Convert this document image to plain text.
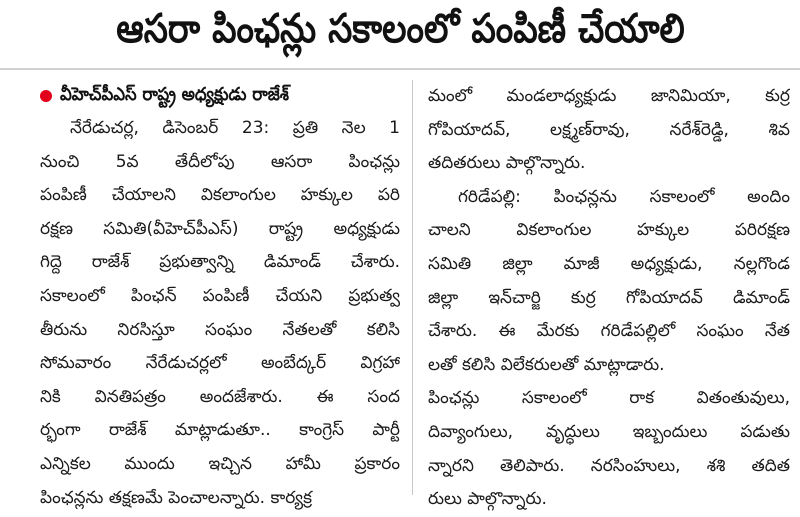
ఆసరా పింఛన్లు సకాలంలో పంపిణీ చేయాలి
వీహెచ్‌పీఎస్ రాష్ట్ర అధ్యక్షుడు రాజేశ్
నేరేడుచర్ల, డిసెంబర్ 23: ప్రతి నెల 1
నుంచి 5వ తేదీలోపు ఆసరా పింఛన్లు
పంపిణీ చేయాలని వికలాంగుల హక్కుల పరి
రక్షణ సమితి(వీహెచ్‌పీఎస్) రాష్ట్ర అధ్యక్షుడు
గిద్దె రాజేశ్ ప్రభుత్వాన్ని డిమాండ్ చేశారు.
సకాలంలో పింఛన్ పంపిణీ చేయని ప్రభుత్వ
తీరును నిరసిస్తూ సంఘం నేతలతో కలిసి
సోమవారం నేరేడుచర్లలో అంబేద్కర్ విగ్రహా
నికి వినతిపత్రం అందజేశారు. ఈ సంద
ర్భంగా రాజేశ్ మాట్లాడుతూ.. కాంగ్రెస్ పార్టీ
ఎన్నికల ముందు ఇచ్చిన హామీ ప్రకారం
పింఛన్లను తక్షణమే పెంచాలన్నారు. కార్యక్ర
మంలో మండలాధ్యక్షుడు జానిమియా, కుర్ర
గోపియాదవ్, లక్ష్మణ్‌రావు, నరేశ్‌రెడ్డి, శివ
తదితరులు పాల్గొన్నారు.
గరిడేపల్లి: పింఛన్లను సకాలంలో అందిం
చాలని వికలాంగుల హక్కుల పరిరక్షణ
సమితి జిల్లా మాజీ అధ్యక్షుడు, నల్లగొండ
జిల్లా ఇన్‌చార్జి కుర్ర గోపియాదవ్ డిమాండ్
చేశారు. ఈ మేరకు గరిడేపల్లిలో సంఘం నేత
లతో కలిసి విలేకరులతో మాట్లాడారు.
పింఛన్లు సకాలంలో రాక వితంతువులు,
దివ్యాంగులు, వృద్ధులు ఇబ్బందులు పడుతు
న్నారని తెలిపారు. నరసింహులు, శశి తదిత
రులు పాల్గొన్నారు.
